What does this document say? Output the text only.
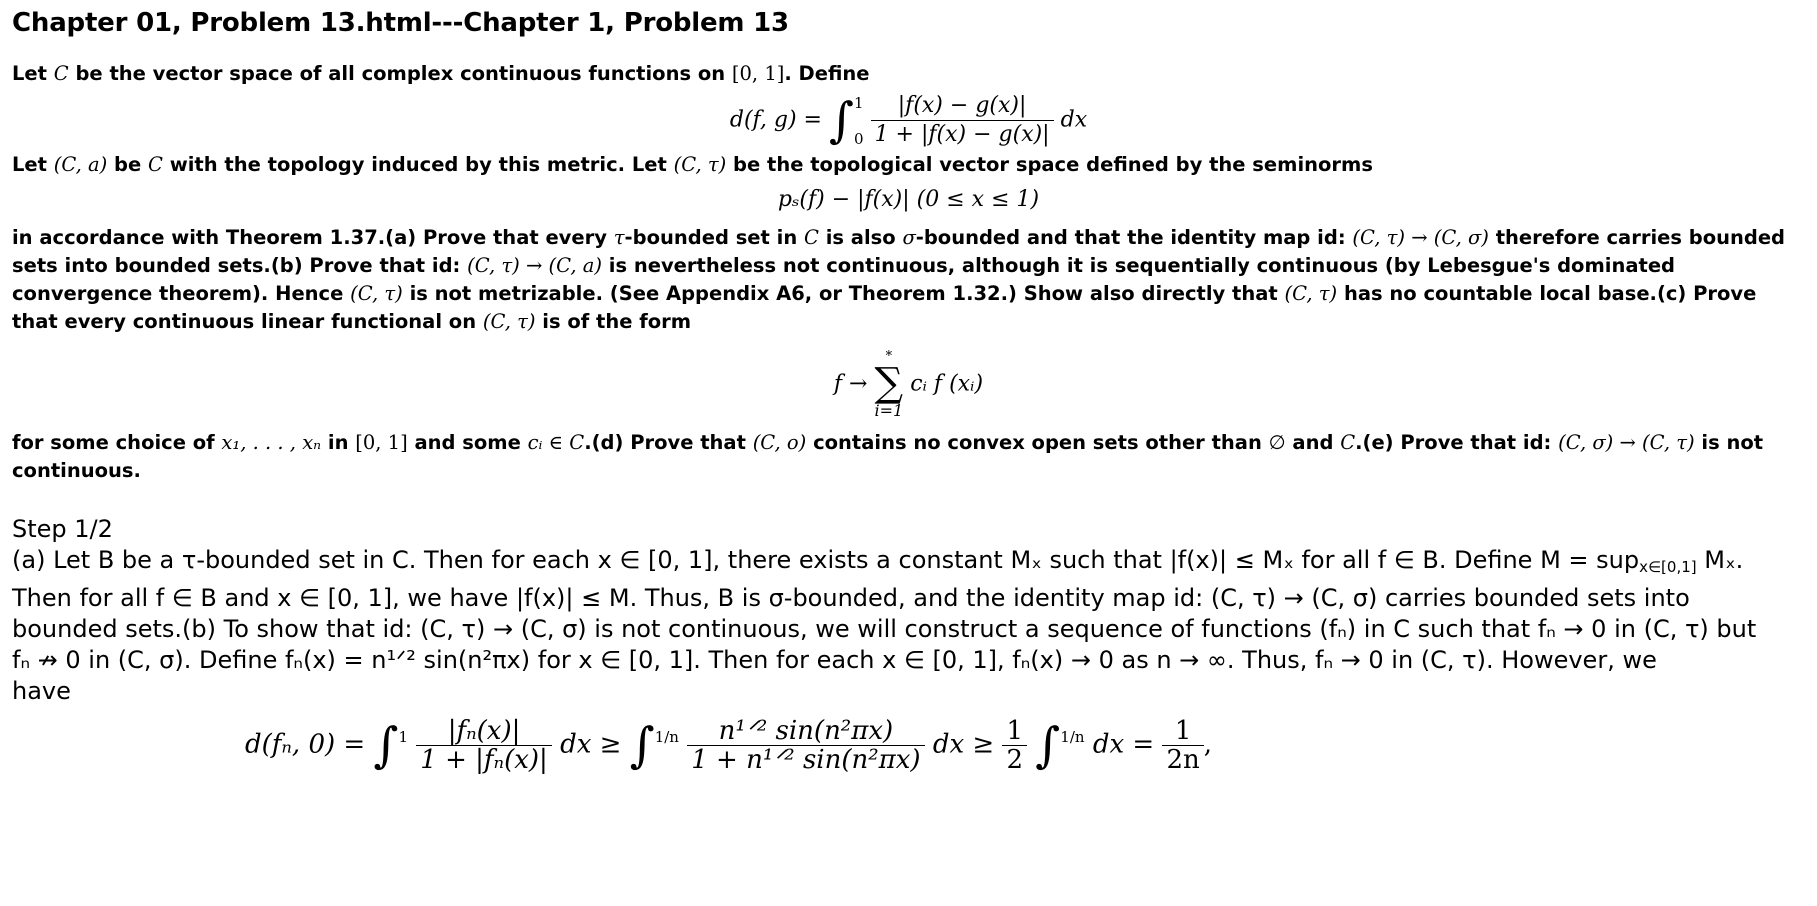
Chapter 01, Problem 13.html---Chapter 1, Problem 13

Let C be the vector space of all complex continuous functions on [0, 1]. Define

d(f, g) = ∫1

$0 \frac{|f(x) - g(x)|}{1 + |f(x) - g(x)|}$ dx

Let (C, a) be C with the topology induced by this metric. Let (C, τ) be the topological vector space defined by the seminorms

pₛ(f) − |f(x)| (0 ≤ x ≤ 1)

in accordance with Theorem 1.37.(a) Prove that every τ-bounded set in C is also σ-bounded and that the identity map id: (C, τ) → (C, σ) therefore carries bounded sets into bounded sets.(b) Prove that id: (C, τ) → (C, a) is nevertheless not continuous, although it is sequentially continuous (by Lebesgue's dominated convergence theorem). Hence (C, τ) is not metrizable. (See Appendix A6, or Theorem 1.32.) Show also directly that (C, τ) has no countable local base.(c) Prove that every continuous linear functional on (C, τ) is of the form

f →
*
∑
i=1
cᵢ f (xᵢ)

for some choice of x₁, . . . , xₙ in [0, 1] and some cᵢ ∈ C.(d) Prove that (C, o) contains no convex open sets other than ∅ and C.(e) Prove that id: (C, σ) → (C, τ) is not continuous.

Step 1/2

(a) Let B be a τ-bounded set in C. Then for each x ∈ [0, 1], there exists a constant Mₓ such that |f(x)| ≤ Mₓ for all f ∈ B. Define M = sup$_{x\in[0,1]}$ Mₓ.

Then for all f ∈ B and x ∈ [0, 1], we have |f(x)| ≤ M. Thus, B is σ-bounded, and the identity map id: (C, τ) → (C, σ) carries bounded sets into

bounded sets.(b) To show that id: (C, τ) → (C, σ) is not continuous, we will construct a sequence of functions (fₙ) in C such that fₙ → 0 in (C, τ) but

fₙ ↛ 0 in (C, σ). Define fₙ(x) = n¹ᐟ² sin(n²πx) for x ∈ [0, 1]. Then for each x ∈ [0, 1], fₙ(x) → 0 as n → ∞. Thus, fₙ → 0 in (C, τ). However, we

have

d(fₙ, 0) = ∫1

$\frac{\text{|fₙ(x)|}}{\text{1 + |fₙ(x)|}}$ dx ≥ ∫1/n

$\frac{\text{n¹ᐟ² sin(n²πx)}}{\text{1 + n¹ᐟ² sin(n²πx)}}$ dx ≥ $\frac{1}{2} \int 1/n$ dx = $\frac{1}{2n}$ ,
